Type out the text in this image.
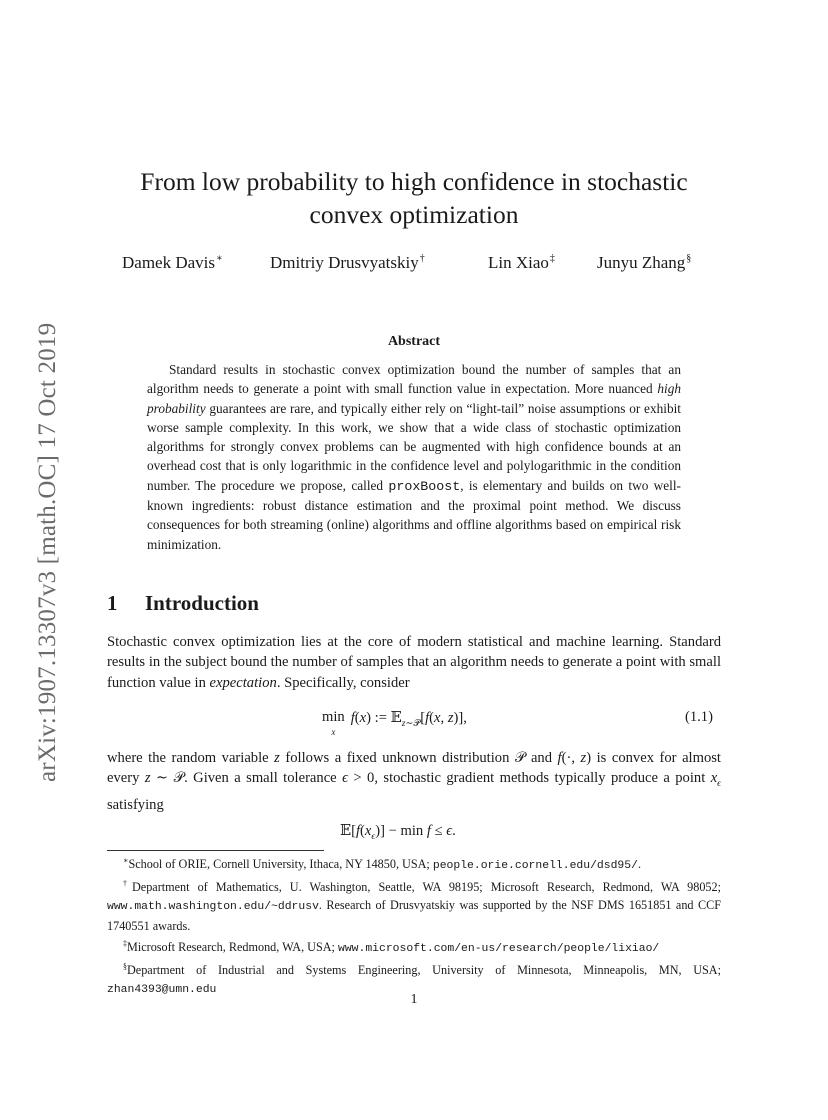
arXiv:1907.13307v3 [math.OC] 17 Oct 2019
From low probability to high confidence in stochastic
convex optimization
Damek Davis∗	Dmitriy Drusvyatskiy†	Lin Xiao‡ Junyu Zhang§
Abstract

Standard results in stochastic convex optimization bound the number of samples that an algorithm needs to generate a point with small function value in expectation. More nuanced high probability guarantees are rare, and typically either rely on “light-tail” noise assumptions or exhibit worse sample complexity. In this work, we show that a wide class of stochastic optimization algorithms for strongly convex problems can be augmented with high confidence bounds at an overhead cost that is only logarithmic in the confidence level and polylogarithmic in the condition number. The procedure we propose, called proxBoost, is elementary and builds on two well-known ingredients: robust distance estimation and the proximal point method. We discuss consequences for both streaming (online) algorithms and offline algorithms based on empirical risk minimization.

1 Introduction

Stochastic convex optimization lies at the core of modern statistical and machine learning. Standard results in the subject bound the number of samples that an algorithm needs to generate a point with small function value in expectation. Specifically, consider

min
$^x$f(x) := 𝔼$_{z\sim 𝒫}$[f(x, z)],	(1.1)

where the random variable z follows a fixed unknown distribution 𝒫 and f(·, z) is convex for almost every z ∼ 𝒫. Given a small tolerance ϵ > 0, stochastic gradient methods typically produce a point $x_\epsilon$ satisfying

$𝔼[f(x_\epsilon)] - \min f \le \epsilon$.

∗School of ORIE, Cornell University, Ithaca, NY 14850, USA; people.orie.cornell.edu/dsd95/.

†Department of Mathematics, U. Washington, Seattle, WA 98195; Microsoft Research, Redmond, WA 98052; www.math.washington.edu/~ddrusv. Research of Drusvyatskiy was supported by the NSF DMS 1651851 and CCF 1740551 awards.

‡Microsoft Research, Redmond, WA, USA; www.microsoft.com/en-us/research/people/lixiao/

§Department of Industrial and Systems Engineering, University of Minnesota, Minneapolis, MN, USA; zhan4393@umn.edu

1
